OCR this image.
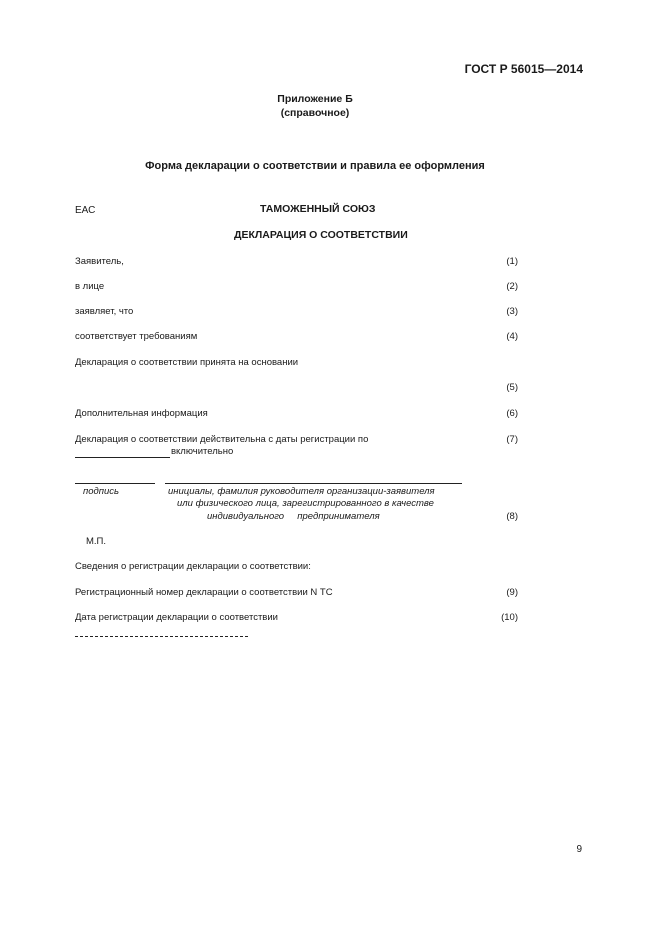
ГОСТ Р 56015—2014
Приложение Б
(справочное)
Форма декларации о соответствии и правила ее оформления
ЕАС	ТАМОЖЕННЫЙ СОЮЗ
ДЕКЛАРАЦИЯ О СООТВЕТСТВИИ
Заявитель,	(1)
в лице	(2)
заявляет, что	(3)
соответствует требованиям	(4)
Декларация о соответствии принята на основании
(5)
Дополнительная информация	(6)
Декларация о соответствии действительна с даты регистрации по	(7)
включительно
подпись	инициалы, фамилия руководителя организации-заявителя
или физического лица, зарегистрированного в качестве
индивидуального     предпринимателя	(8)
М.П.
Сведения о регистрации декларации о соответствии:
Регистрационный номер декларации о соответствии N ТС	(9)
Дата регистрации декларации о соответствии	(10)
9
